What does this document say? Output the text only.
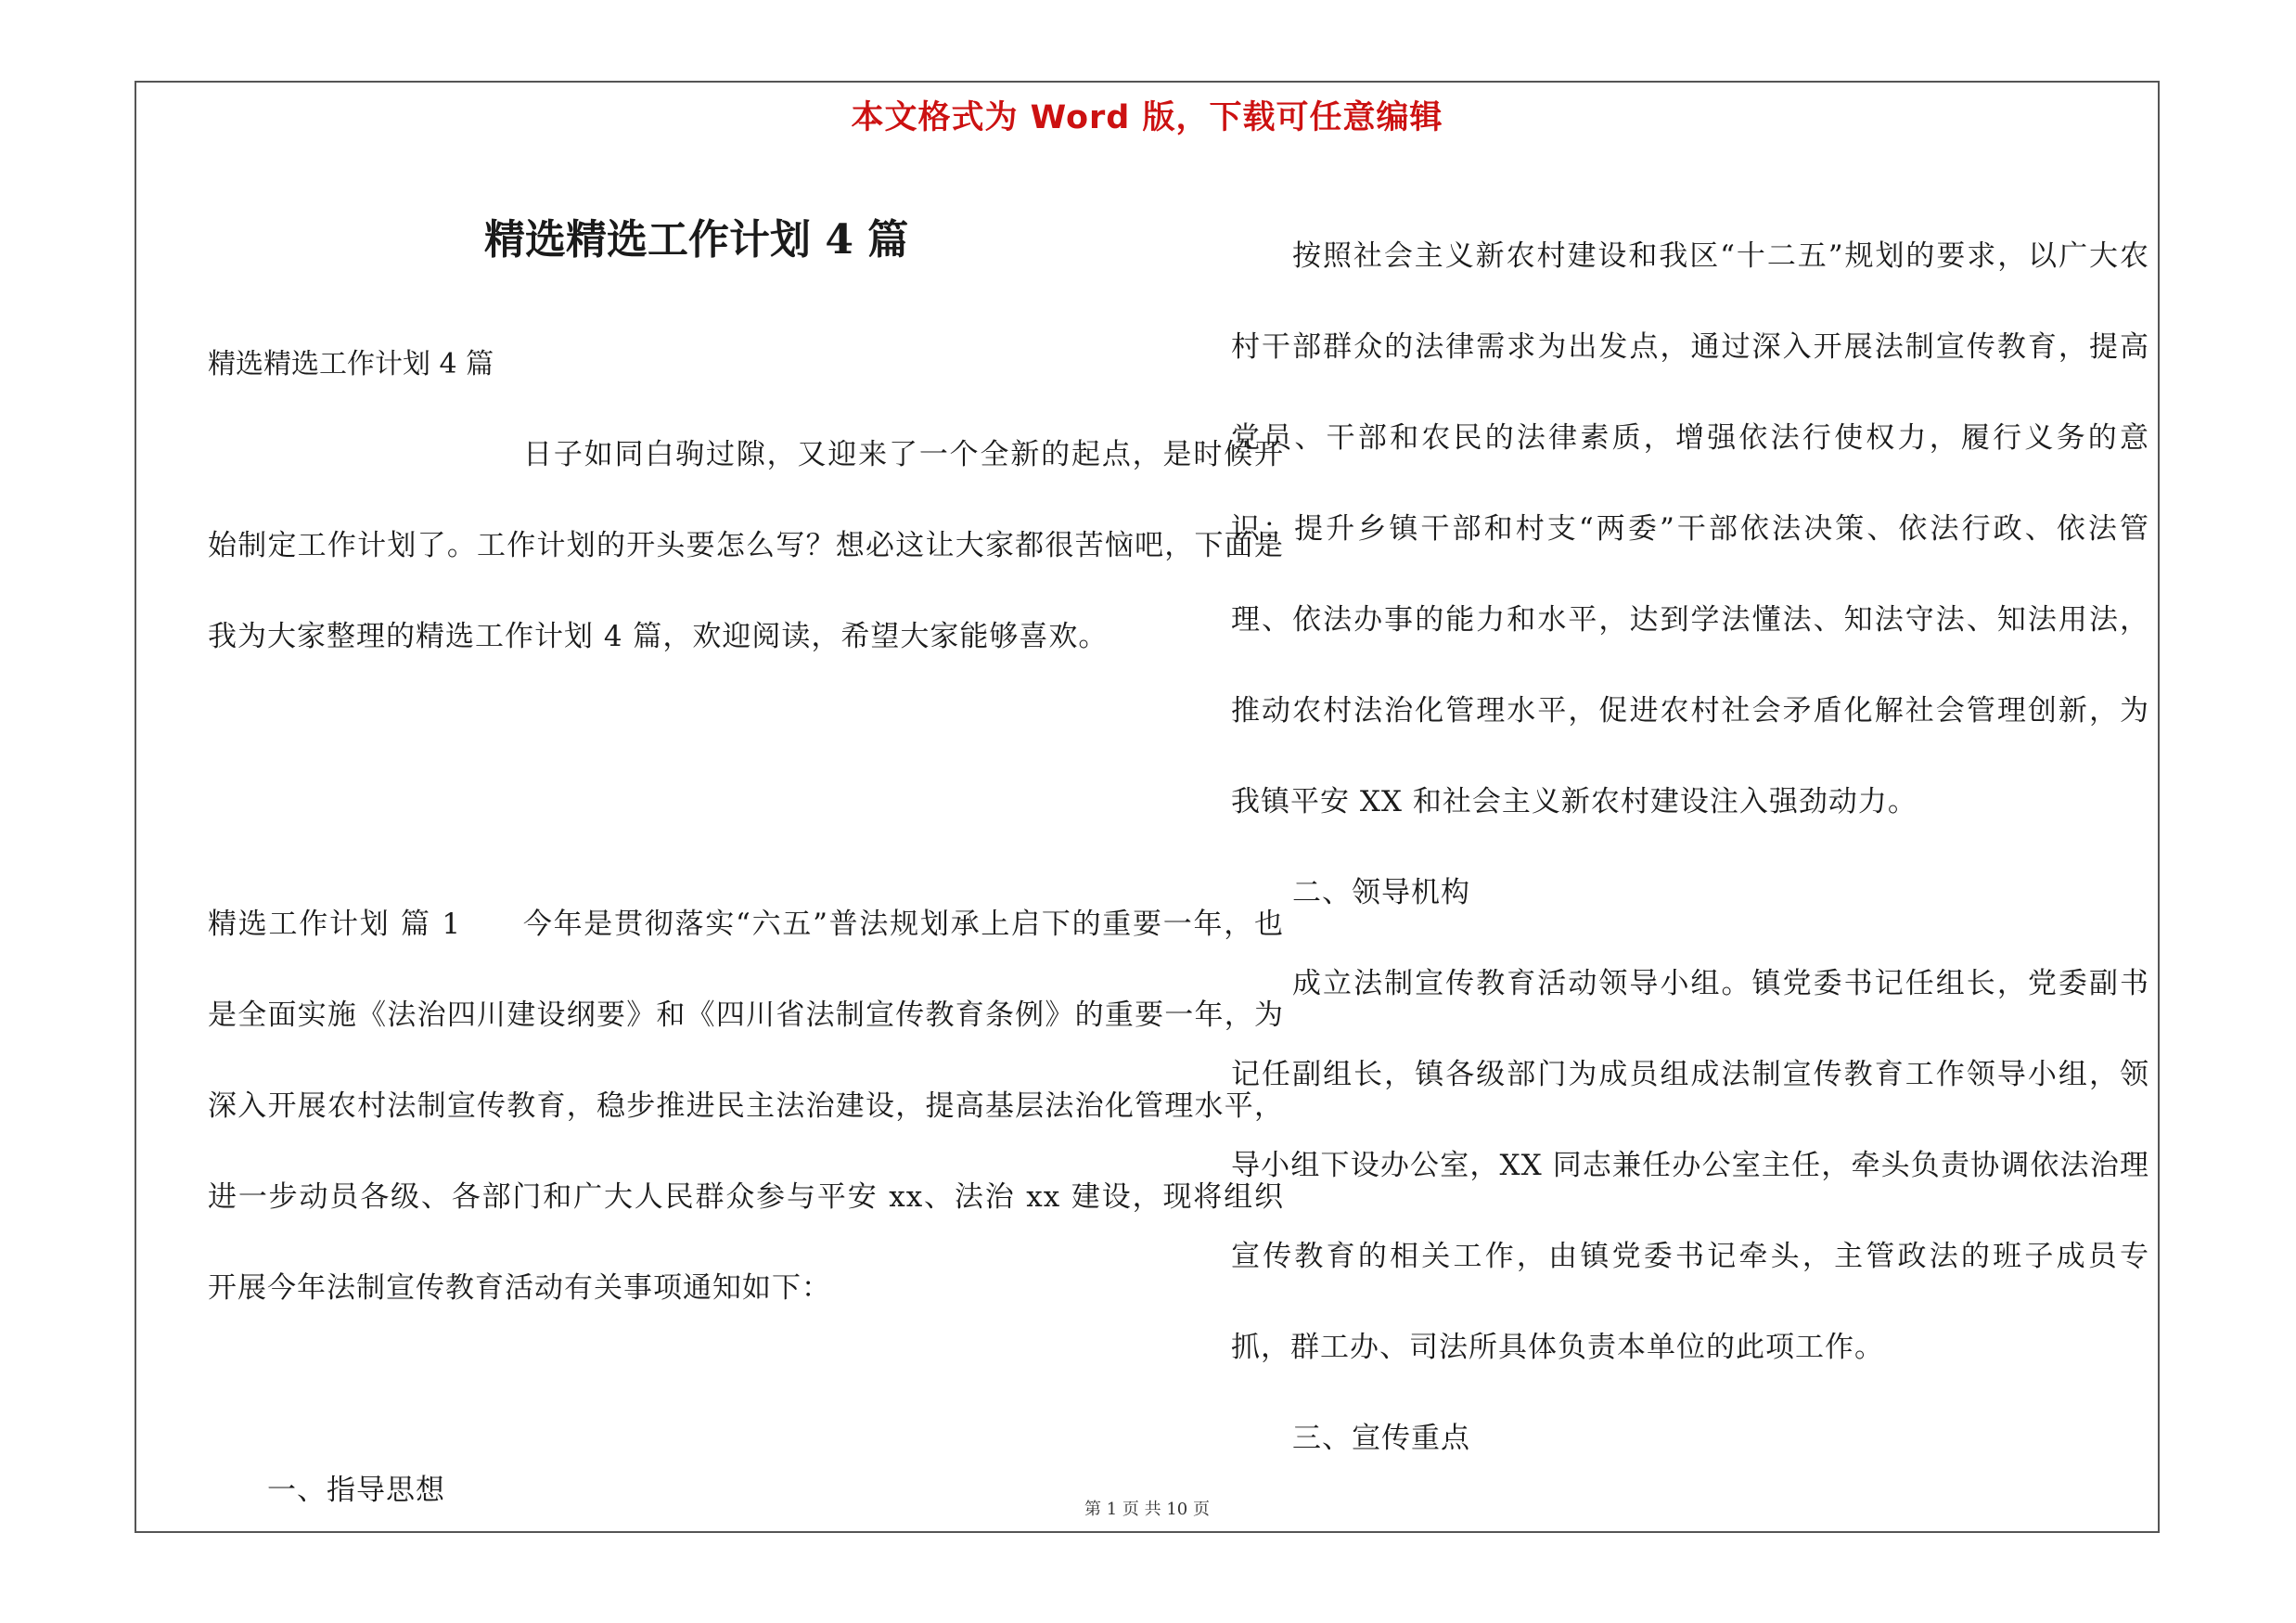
本文格式为 Word 版，下载可任意编辑
精选精选工作计划 4 篇
精选精选工作计划 4 篇
日子如同白驹过隙，又迎来了一个全新的起点，是时候开始制定工作计划了。工作计划的开头要怎么写？想必这让大家都很苦恼吧，下面是我为大家整理的精选工作计划 4 篇，欢迎阅读，希望大家能够喜欢。
精选工作计划 篇 1 今年是贯彻落实“六五”普法规划承上启下的重要一年，也是全面实施《法治四川建设纲要》和《四川省法制宣传教育条例》的重要一年，为深入开展农村法制宣传教育，稳步推进民主法治建设，提高基层法治化管理水平，进一步动员各级、各部门和广大人民群众参与平安 xx、法治 xx 建设，现将组织开展今年法制宣传教育活动有关事项通知如下：
一、指导思想
按照社会主义新农村建设和我区“十二五”规划的要求，以广大农村干部群众的法律需求为出发点，通过深入开展法制宣传教育，提高党员、干部和农民的法律素质，增强依法行使权力，履行义务的意识；提升乡镇干部和村支“两委”干部依法决策、依法行政、依法管理、依法办事的能力和水平，达到学法懂法、知法守法、知法用法，推动农村法治化管理水平，促进农村社会矛盾化解社会管理创新，为我镇平安 XX 和社会主义新农村建设注入强劲动力。
二、领导机构
成立法制宣传教育活动领导小组。镇党委书记任组长，党委副书记任副组长，镇各级部门为成员组成法制宣传教育工作领导小组，领导小组下设办公室，XX 同志兼任办公室主任，牵头负责协调依法治理宣传教育的相关工作，由镇党委书记牵头，主管政法的班子成员专抓，群工办、司法所具体负责本单位的此项工作。
三、宣传重点
第 1 页 共 10 页
